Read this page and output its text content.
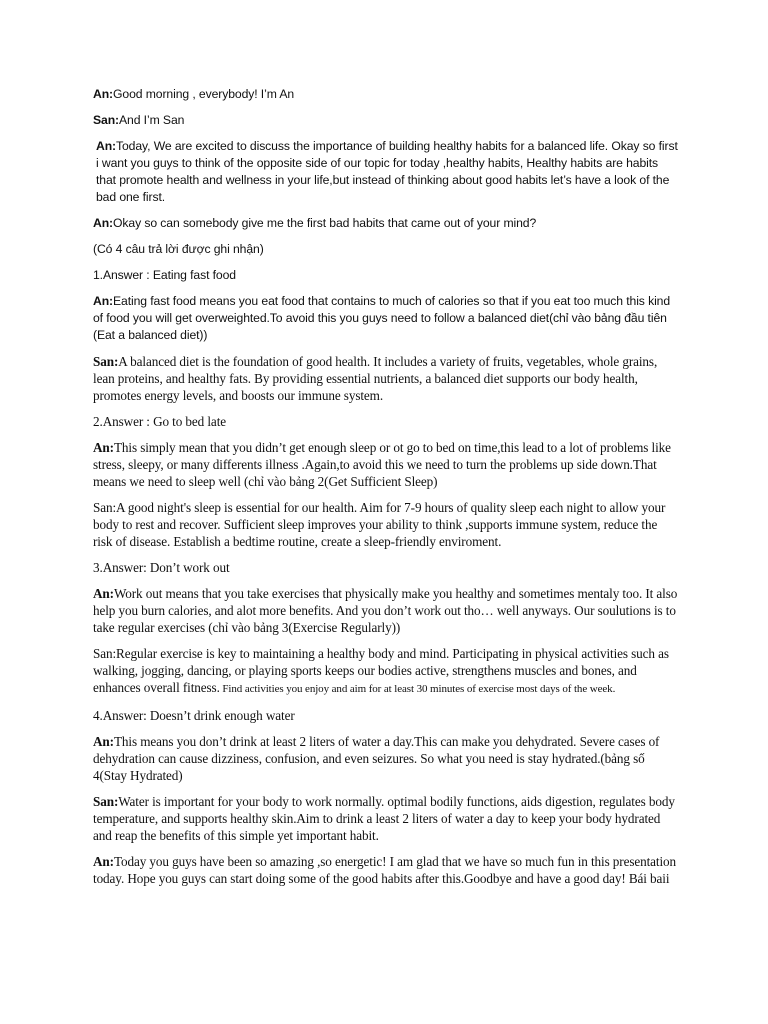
An:Good morning , everybody! I’m An

San:And I’m San

An:Today, We are excited to discuss the importance of building healthy habits for a balanced life. Okay so first i want you guys to think of the opposite side of our topic for today ,healthy habits, Healthy habits are habits that promote health and wellness in your life,but instead of thinking about good habits let’s have a look of the bad one first.

An:Okay so can somebody give me the first bad habits that came out of your mind?

(Có 4 câu trả lời được ghi nhận)

1.Answer : Eating fast food

An:Eating fast food means you eat food that contains to much of calories so that if you eat too much this kind of food you will get overweighted.To avoid this you guys need to follow a balanced diet(chỉ vào bảng đầu tiên (Eat a balanced diet))

San:A balanced diet is the foundation of good health. It includes a variety of fruits, vegetables, whole grains, lean proteins, and healthy fats. By providing essential nutrients, a balanced diet supports our body health, promotes energy levels, and boosts our immune system.

2.Answer : Go to bed late

An:This simply mean that you didn’t get enough sleep or ot go to bed on time,this lead to a lot of problems like stress, sleepy, or many differents illness .Again,to avoid this we need to turn the problems up side down.That means we need to sleep well (chỉ vào bảng 2(Get Sufficient Sleep)

San:A good night's sleep is essential for our health. Aim for 7-9 hours of quality sleep each night to allow your body to rest and recover. Sufficient sleep improves your ability to think ,supports immune system, reduce the risk of disease. Establish a bedtime routine, create a sleep-friendly enviroment.

3.Answer: Don’t work out

An:Work out means that you take exercises that physically make you healthy and sometimes mentaly too. It also help you burn calories, and alot more benefits. And you don’t work out tho… well anyways. Our soulutions is to take regular exercises (chỉ vào bảng 3(Exercise Regularly))

San:Regular exercise is key to maintaining a healthy body and mind. Participating in physical activities such as walking, jogging, dancing, or playing sports keeps our bodies active, strengthens muscles and bones, and enhances overall fitness. Find activities you enjoy and aim for at least 30 minutes of exercise most days of the week.

4.Answer: Doesn’t drink enough water

An:This means you don’t drink at least 2 liters of water a day.This can make you dehydrated. Severe cases of dehydration can cause dizziness, confusion, and even seizures. So what you need is stay hydrated.(bảng số 4(Stay Hydrated)

San:Water is important for your body to work normally. optimal bodily functions, aids digestion, regulates body temperature, and supports healthy skin.Aim to drink a least 2 liters of water a day to keep your body hydrated and reap the benefits of this simple yet important habit.

An:Today you guys have been so amazing ,so energetic! I am glad that we have so much fun in this presentation today. Hope you guys can start doing some of the good habits after this.Goodbye and have a good day! Bái baii
